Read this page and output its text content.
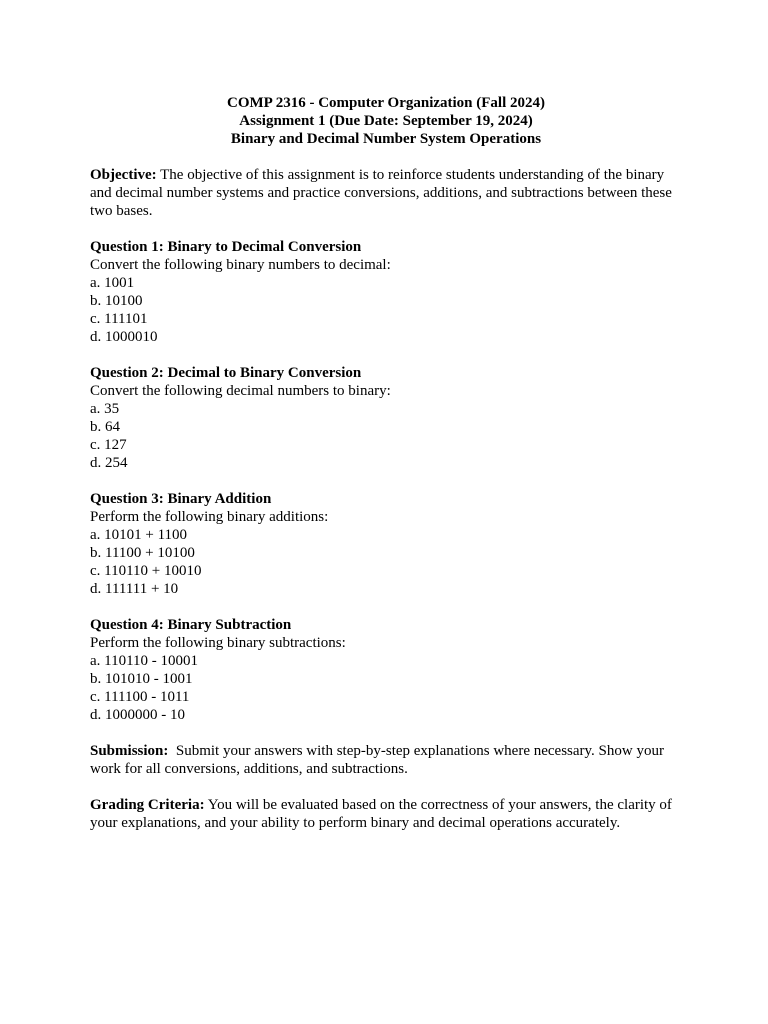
COMP 2316 - Computer Organization (Fall 2024)
Assignment 1 (Due Date: September 19, 2024)
Binary and Decimal Number System Operations
Objective: The objective of this assignment is to reinforce students understanding of the binary and decimal number systems and practice conversions, additions, and subtractions between these two bases.
Question 1: Binary to Decimal Conversion
Convert the following binary numbers to decimal:
a. 1001
b. 10100
c. 111101
d. 1000010
Question 2: Decimal to Binary Conversion
Convert the following decimal numbers to binary:
a. 35
b. 64
c. 127
d. 254
Question 3: Binary Addition
Perform the following binary additions:
a. 10101 + 1100
b. 11100 + 10100
c. 110110 + 10010
d. 111111 + 10
Question 4: Binary Subtraction
Perform the following binary subtractions:
a. 110110 - 10001
b. 101010 - 1001
c. 111100 - 1011
d. 1000000 - 10
Submission:  Submit your answers with step-by-step explanations where necessary. Show your work for all conversions, additions, and subtractions.
Grading Criteria: You will be evaluated based on the correctness of your answers, the clarity of your explanations, and your ability to perform binary and decimal operations accurately.
